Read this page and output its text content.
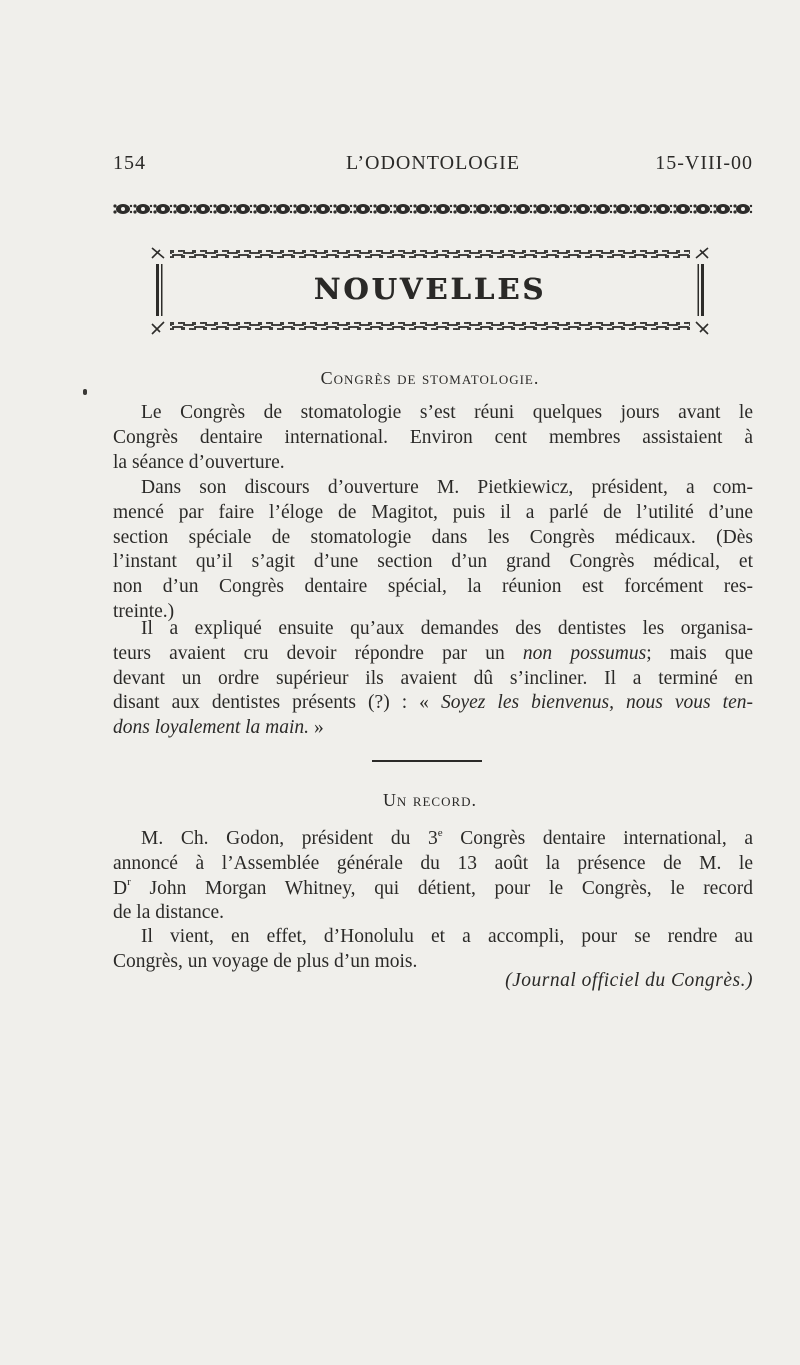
154	L’ODONTOLOGIE	15-VIII-00
NOUVELLES
Congrès de stomatologie.
Le Congrès de stomatologie s’est réuni quelques jours avant le
Congrès dentaire international. Environ cent membres assistaient à
la séance d’ouverture.
Dans son discours d’ouverture M. Pietkiewicz, président, a com-
mencé par faire l’éloge de Magitot, puis il a parlé de l’utilité d’une
section spéciale de stomatologie dans les Congrès médicaux. (Dès
l’instant qu’il s’agit d’une section d’un grand Congrès médical, et
non d’un Congrès dentaire spécial, la réunion est forcément res-
treinte.)
Il a expliqué ensuite qu’aux demandes des dentistes les organisa-
teurs avaient cru devoir répondre par un non possumus; mais que
devant un ordre supérieur ils avaient dû s’incliner. Il a terminé en
disant aux dentistes présents (?) : « Soyez les bienvenus, nous vous ten-
dons loyalement la main. »
Un record.
M. Ch. Godon, président du 3e Congrès dentaire international, a
annoncé à l’Assemblée générale du 13 août la présence de M. le
$D^r$ John Morgan Whitney, qui détient, pour le Congrès, le record
de la distance.
Il vient, en effet, d’Honolulu et a accompli, pour se rendre au
Congrès, un voyage de plus d’un mois.
(Journal officiel du Congrès.)
